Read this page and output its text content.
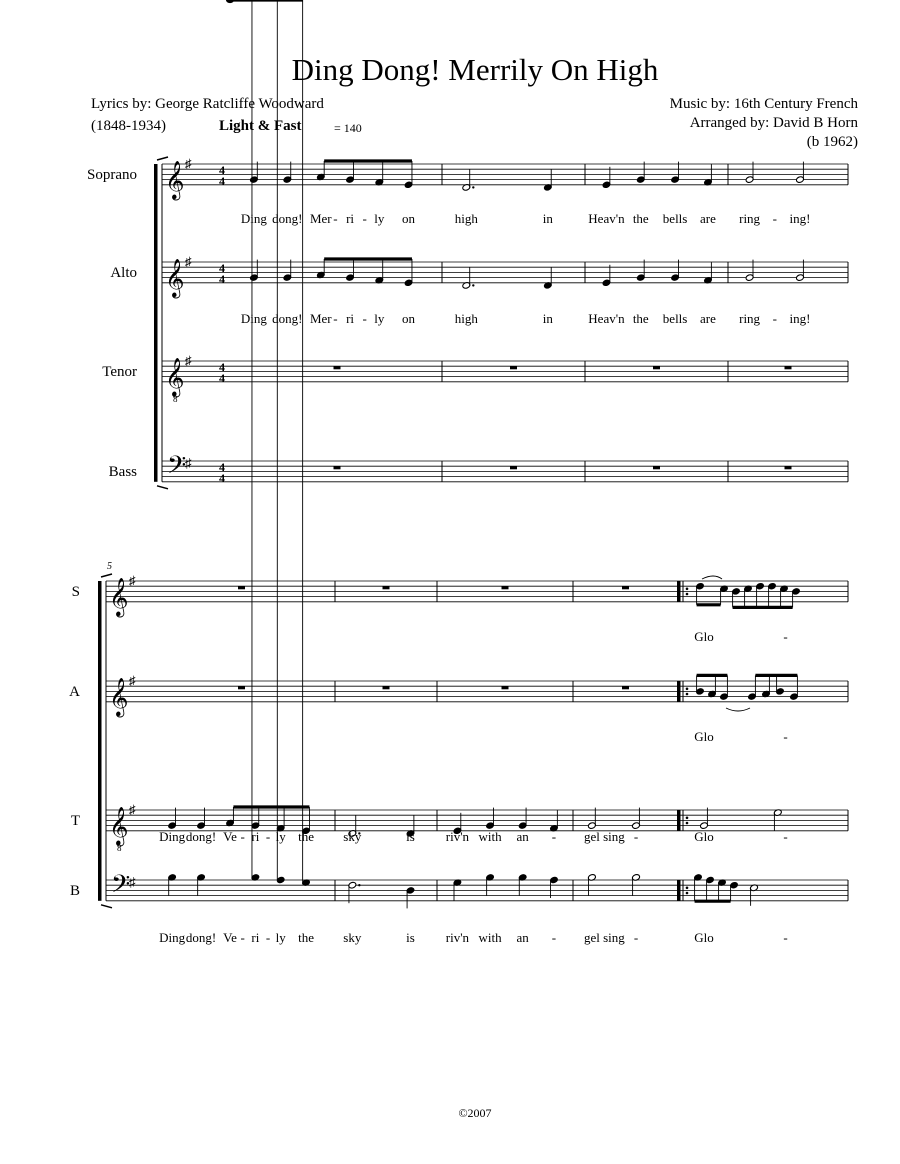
Ding Dong! Merrily On High
Lyrics by: George Ratcliffe Woodward
(1848-1934)	Light & Fast	= 140
Music by: 16th Century French
Arranged by: David B Horn
(b 1962)
Soprano 𝄞 ♯ 4
4
Ding dong! Mer - ri - ly on	high	in	Heav'n the bells are ring - ing!
Alto 𝄞 ♯ 4
4
Ding dong! Mer - ri - ly on	high	in	Heav'n the bells are ring - ing!
Tenor 𝄞
8
♯ 4
4
Bass 𝄢
♯ 4
4
5
S 𝄞 ♯
Glo	-
A 𝄞 ♯
Glo	-
T 𝄞
8
♯
Ding dong! Ve - ri - ly the sky	is riv'n with an - gel sing -	Glo	-
B 𝄢
♯
Ding dong! Ve - ri - ly the sky	is riv'n with an - gel sing -	Glo	-
©2007
